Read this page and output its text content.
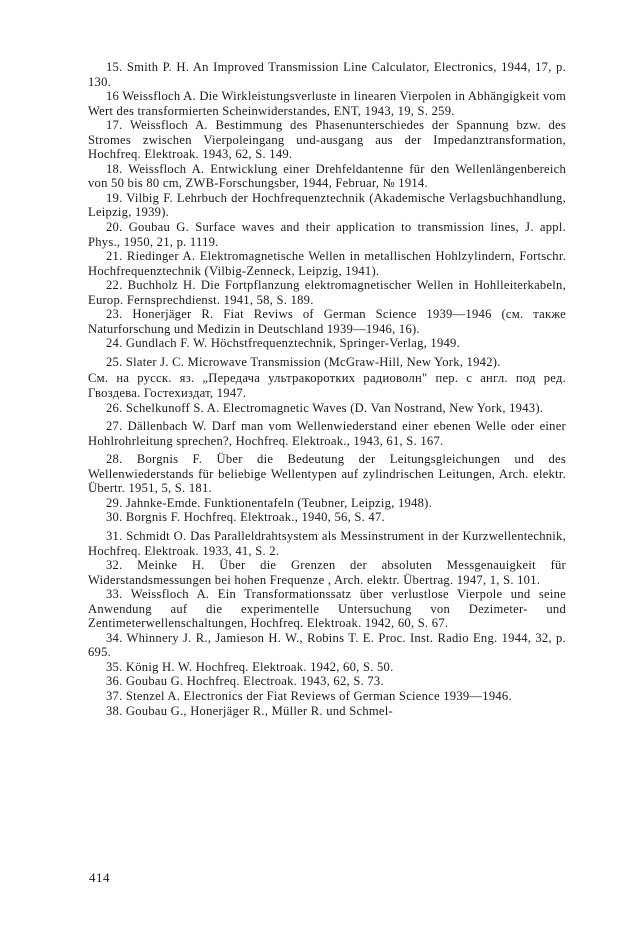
15. Smith P. H. An Improved Transmission Line Calculator, Electronics, 1944, 17, p. 130.

16 Weissfloch A. Die Wirkleistungsverluste in linearen Vierpolen in Abhängigkeit vom Wert des transformierten Scheinwiderstandes, ENT, 1943, 19, S. 259.

17. Weissfloch A. Bestimmung des Phasenunterschiedes der Spannung bzw. des Stromes zwischen Vierpoleingang und-ausgang aus der Impedanztransformation, Hochfreq. Elektroak. 1943, 62, S. 149.

18. Weissfloch A. Entwicklung einer Drehfeldantenne für den Wellenlängenbereich von 50 bis 80 cm, ZWB-Forschungsber, 1944, Februar, № 1914.

19. Vilbig F. Lehrbuch der Hochfrequenztechnik (Akademische Verlagsbuchhandlung, Leipzig, 1939).

20. Goubau G. Surface waves and their application to transmission lines, J. appl. Phys., 1950, 21, p. 1119.

21. Riedinger A. Elektromagnetische Wellen in metallischen Hohlzylindern, Fortschr. Hochfrequenztechnik (Vilbig-Zenneck, Leipzig, 1941).

22. Buchholz H. Die Fortpflanzung elektromagnetischer Wellen in Hohlleiterkabeln, Europ. Fernsprechdienst. 1941, 58, S. 189.

23. Honerjäger R. Fiat Reviws of German Science 1939—1946 (см. также Naturforschung und Medizin in Deutschland 1939—1946, 16).

24. Gundlach F. W. Höchstfrequenztechnik, Springer-Verlag, 1949.

25. Slater J. C. Microwave Transmission (McGraw-Hill, New York, 1942).

См. на русск. яз. „Передача ультракоротких радиоволн" пер. с англ. под ред. Гвоздева. Гостехиздат, 1947.

26. Schelkunoff S. A. Electromagnetic Waves (D. Van Nostrand, New York, 1943).

27. Dällenbach W. Darf man vom Wellenwiederstand einer ebenen Welle oder einer Hohlrohrleitung sprechen?, Hochfreq. Elektroak., 1943, 61, S. 167.

28. Borgnis F. Über die Bedeutung der Leitungsgleichungen und des Wellenwiederstands für beliebige Wellentypen auf zylindrischen Leitungen, Arch. elektr. Übertr. 1951, 5, S. 181.

29. Jahnke-Emde. Funktionentafeln (Teubner, Leipzig, 1948).

30. Borgnis F. Hochfreq. Elektroak., 1940, 56, S. 47.

31. Schmidt O. Das Paralleldrahtsystem als Messinstrument in der Kurzwellentechnik, Hochfreq. Elektroak. 1933, 41, S. 2.

32. Meinke H. Über die Grenzen der absoluten Messgenauigkeit für Widerstandsmessungen bei hohen Frequenze , Arch. elektr. Übertrag. 1947, 1, S. 101.

33. Weissfloch A. Ein Transformationssatz über verlustlose Vierpole und seine Anwendung auf die experimentelle Untersuchung von Dezimeter- und Zentimeterwellenschaltungen, Hochfreq. Elektroak. 1942, 60, S. 67.

34. Whinnery J. R., Jamieson H. W., Robins T. E. Proc. Inst. Radio Eng. 1944, 32, p. 695.

35. König H. W. Hochfreq. Elektroak. 1942, 60, S. 50.

36. Goubau G. Hochfreq. Electroak. 1943, 62, S. 73.

37. Stenzel A. Electronics der Fiat Reviews of German Science 1939—1946.

38. Goubau G., Honerjäger R., Müller R. und Schmel-

414
